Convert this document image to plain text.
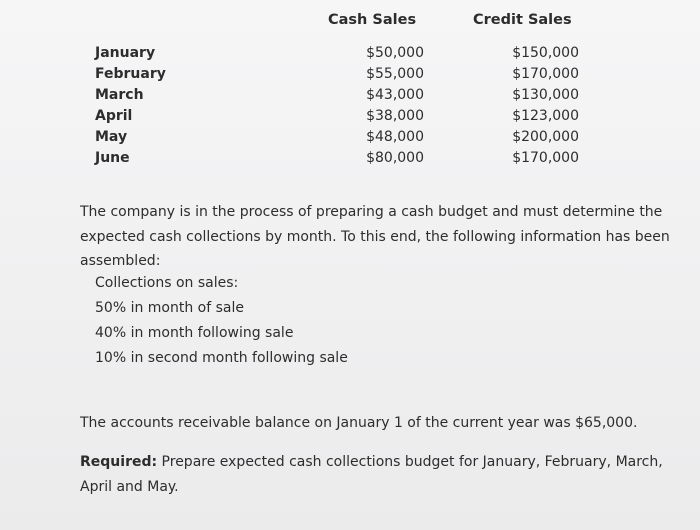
Cash Sales	Credit Sales
January
February
March
April
May
June
$50,000
$55,000
$43,000
$38,000
$48,000
$80,000
$150,000
$170,000
$130,000
$123,000
$200,000
$170,000
The company is in the process of preparing a cash budget and must determine the expected cash collections by month. To this end, the following information has been assembled:
Collections on sales:
50% in month of sale
40% in month following sale
10% in second month following sale
The accounts receivable balance on January 1 of the current year was $65,000.
Required: Prepare expected cash collections budget for January, February, March, April and May.
